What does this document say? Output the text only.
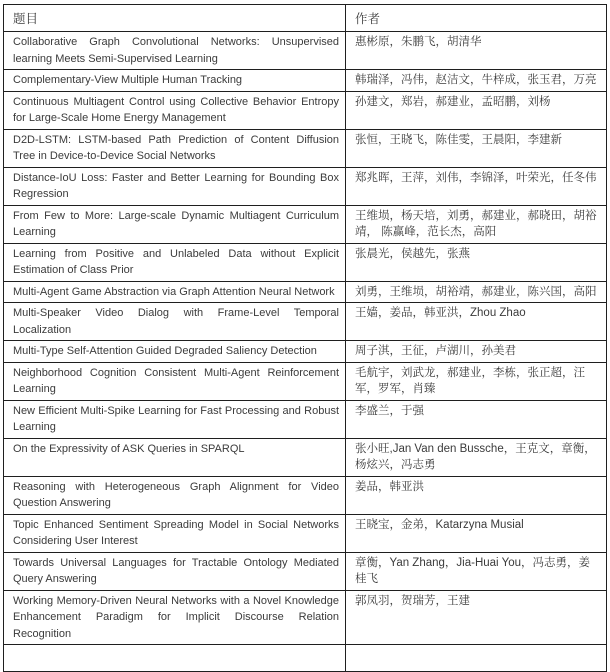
题目	作者
Collaborative Graph Convolutional Networks: Unsupervised learning Meets Semi-Supervised Learning	惠彬原，朱鹏飞，胡清华
Complementary-View Multiple Human Tracking	韩瑞泽，冯伟，赵洁文，牛梓成，张玉君，万亮
Continuous Multiagent Control using Collective Behavior Entropy for Large-Scale Home Energy Management	孙建文，郑岩，郝建业，孟昭鹏，刘杨
D2D-LSTM: LSTM-based Path Prediction of Content Diffusion Tree in Device-to-Device Social Networks	张恒，王晓飞，陈佳雯，王晨阳，李建新
Distance-IoU Loss: Faster and Better Learning for Bounding Box Regression	郑兆晖，王萍，刘伟，李锦泽，叶荣光，任冬伟
From Few to More: Large-scale Dynamic Multiagent Curriculum Learning	王维埙，杨天培，刘勇，郝建业，郝晓田，胡裕靖， 陈赢峰，范长杰，高阳
Learning from Positive and Unlabeled Data without Explicit Estimation of Class Prior	张晨光，侯越先，张燕
Multi-Agent Game Abstraction via Graph Attention Neural Network	刘勇，王维埙，胡裕靖，郝建业，陈兴国，高阳
Multi-Speaker Video Dialog with Frame-Level Temporal Localization	王嫱，姜品，韩亚洪，Zhou Zhao
Multi-Type Self-Attention Guided Degraded Saliency Detection	周子淇，王征，卢湖川，孙美君
Neighborhood Cognition Consistent Multi-Agent Reinforcement Learning	毛航宇，刘武龙，郝建业，李栋，张正超，汪军，罗军，肖臻
New Efficient Multi-Spike Learning for Fast Processing and Robust Learning	李盛兰，于强
On the Expressivity of ASK Queries in SPARQL	张小旺,Jan Van den Bussche，王克文，章衡，杨炫兴，冯志勇
Reasoning with Heterogeneous Graph Alignment for Video Question Answering	姜品，韩亚洪
Topic Enhanced Sentiment Spreading Model in Social Networks Considering User Interest	王晓宝，金弟，Katarzyna Musial
Towards Universal Languages for Tractable Ontology Mediated Query Answering	章衡，Yan Zhang，Jia-Huai You，冯志勇，姜桂飞
Working Memory-Driven Neural Networks with a Novel Knowledge Enhancement Paradigm for Implicit Discourse Relation Recognition	郭凤羽，贺瑞芳，王建
